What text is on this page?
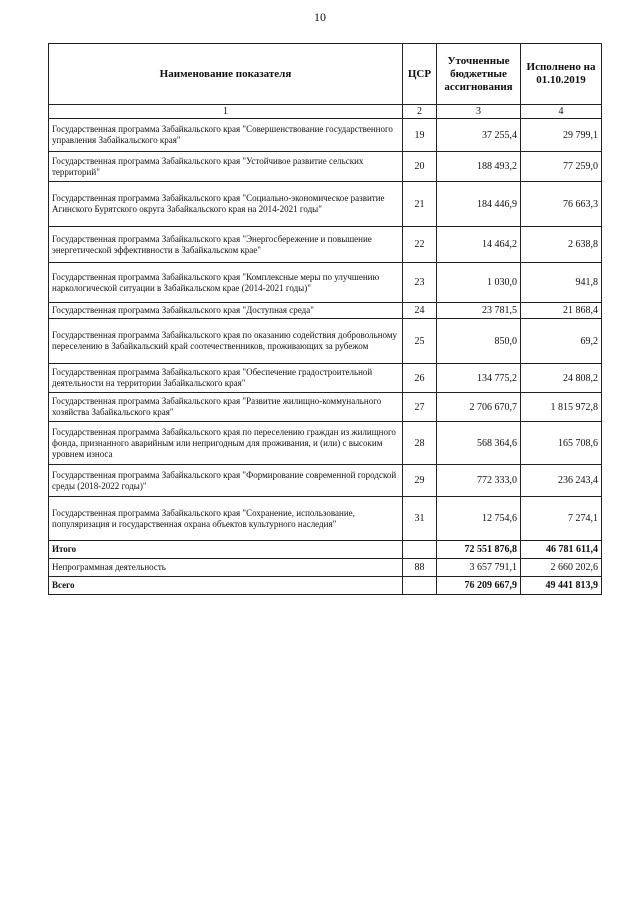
10
Наименование показателя	ЦСР	Уточненные бюджетные ассигнования	Исполнено на 01.10.2019
1	2	3	4
Государственная программа Забайкальского края "Совершенствование государственного управления Забайкальского края"	19	37 255,4	29 799,1
Государственная программа Забайкальского края "Устойчивое развитие сельских территорий"	20	188 493,2	77 259,0
Государственная программа Забайкальского края "Социально-экономическое развитие Агинского Бурятского округа Забайкальского края на 2014-2021 годы"	21	184 446,9	76 663,3
Государственная программа Забайкальского края "Энергосбережение и повышение энергетической эффективности в Забайкальском крае"	22	14 464,2	2 638,8
Государственная программа Забайкальского края "Комплексные меры по улучшению наркологической ситуации в Забайкальском крае (2014-2021 годы)"	23	1 030,0	941,8
Государственная программа Забайкальского края "Доступная среда"	24	23 781,5	21 868,4
Государственная программа Забайкальского края по оказанию содействия добровольному переселению в Забайкальский край соотечественников, проживающих за рубежом	25	850,0	69,2
Государственная программа Забайкальского края "Обеспечение градостроительной деятельности на территории Забайкальского края"	26	134 775,2	24 808,2
Государственная программа Забайкальского края "Развитие жилищно-коммунального хозяйства Забайкальского края"	27	2 706 670,7	1 815 972,8
Государственная программа Забайкальского края по переселению граждан из жилищного фонда, признанного аварийным или непригодным для проживания, и (или) с высоким уровнем износа	28	568 364,6	165 708,6
Государственная программа Забайкальского края "Формирование современной городской среды (2018-2022 годы)"	29	772 333,0	236 243,4
Государственная программа Забайкальского края "Сохранение, использование, популяризация и государственная охрана объектов культурного наследия"	31	12 754,6	7 274,1
Итого		72 551 876,8	46 781 611,4
Непрограммная деятельность	88	3 657 791,1	2 660 202,6
Всего		76 209 667,9	49 441 813,9
